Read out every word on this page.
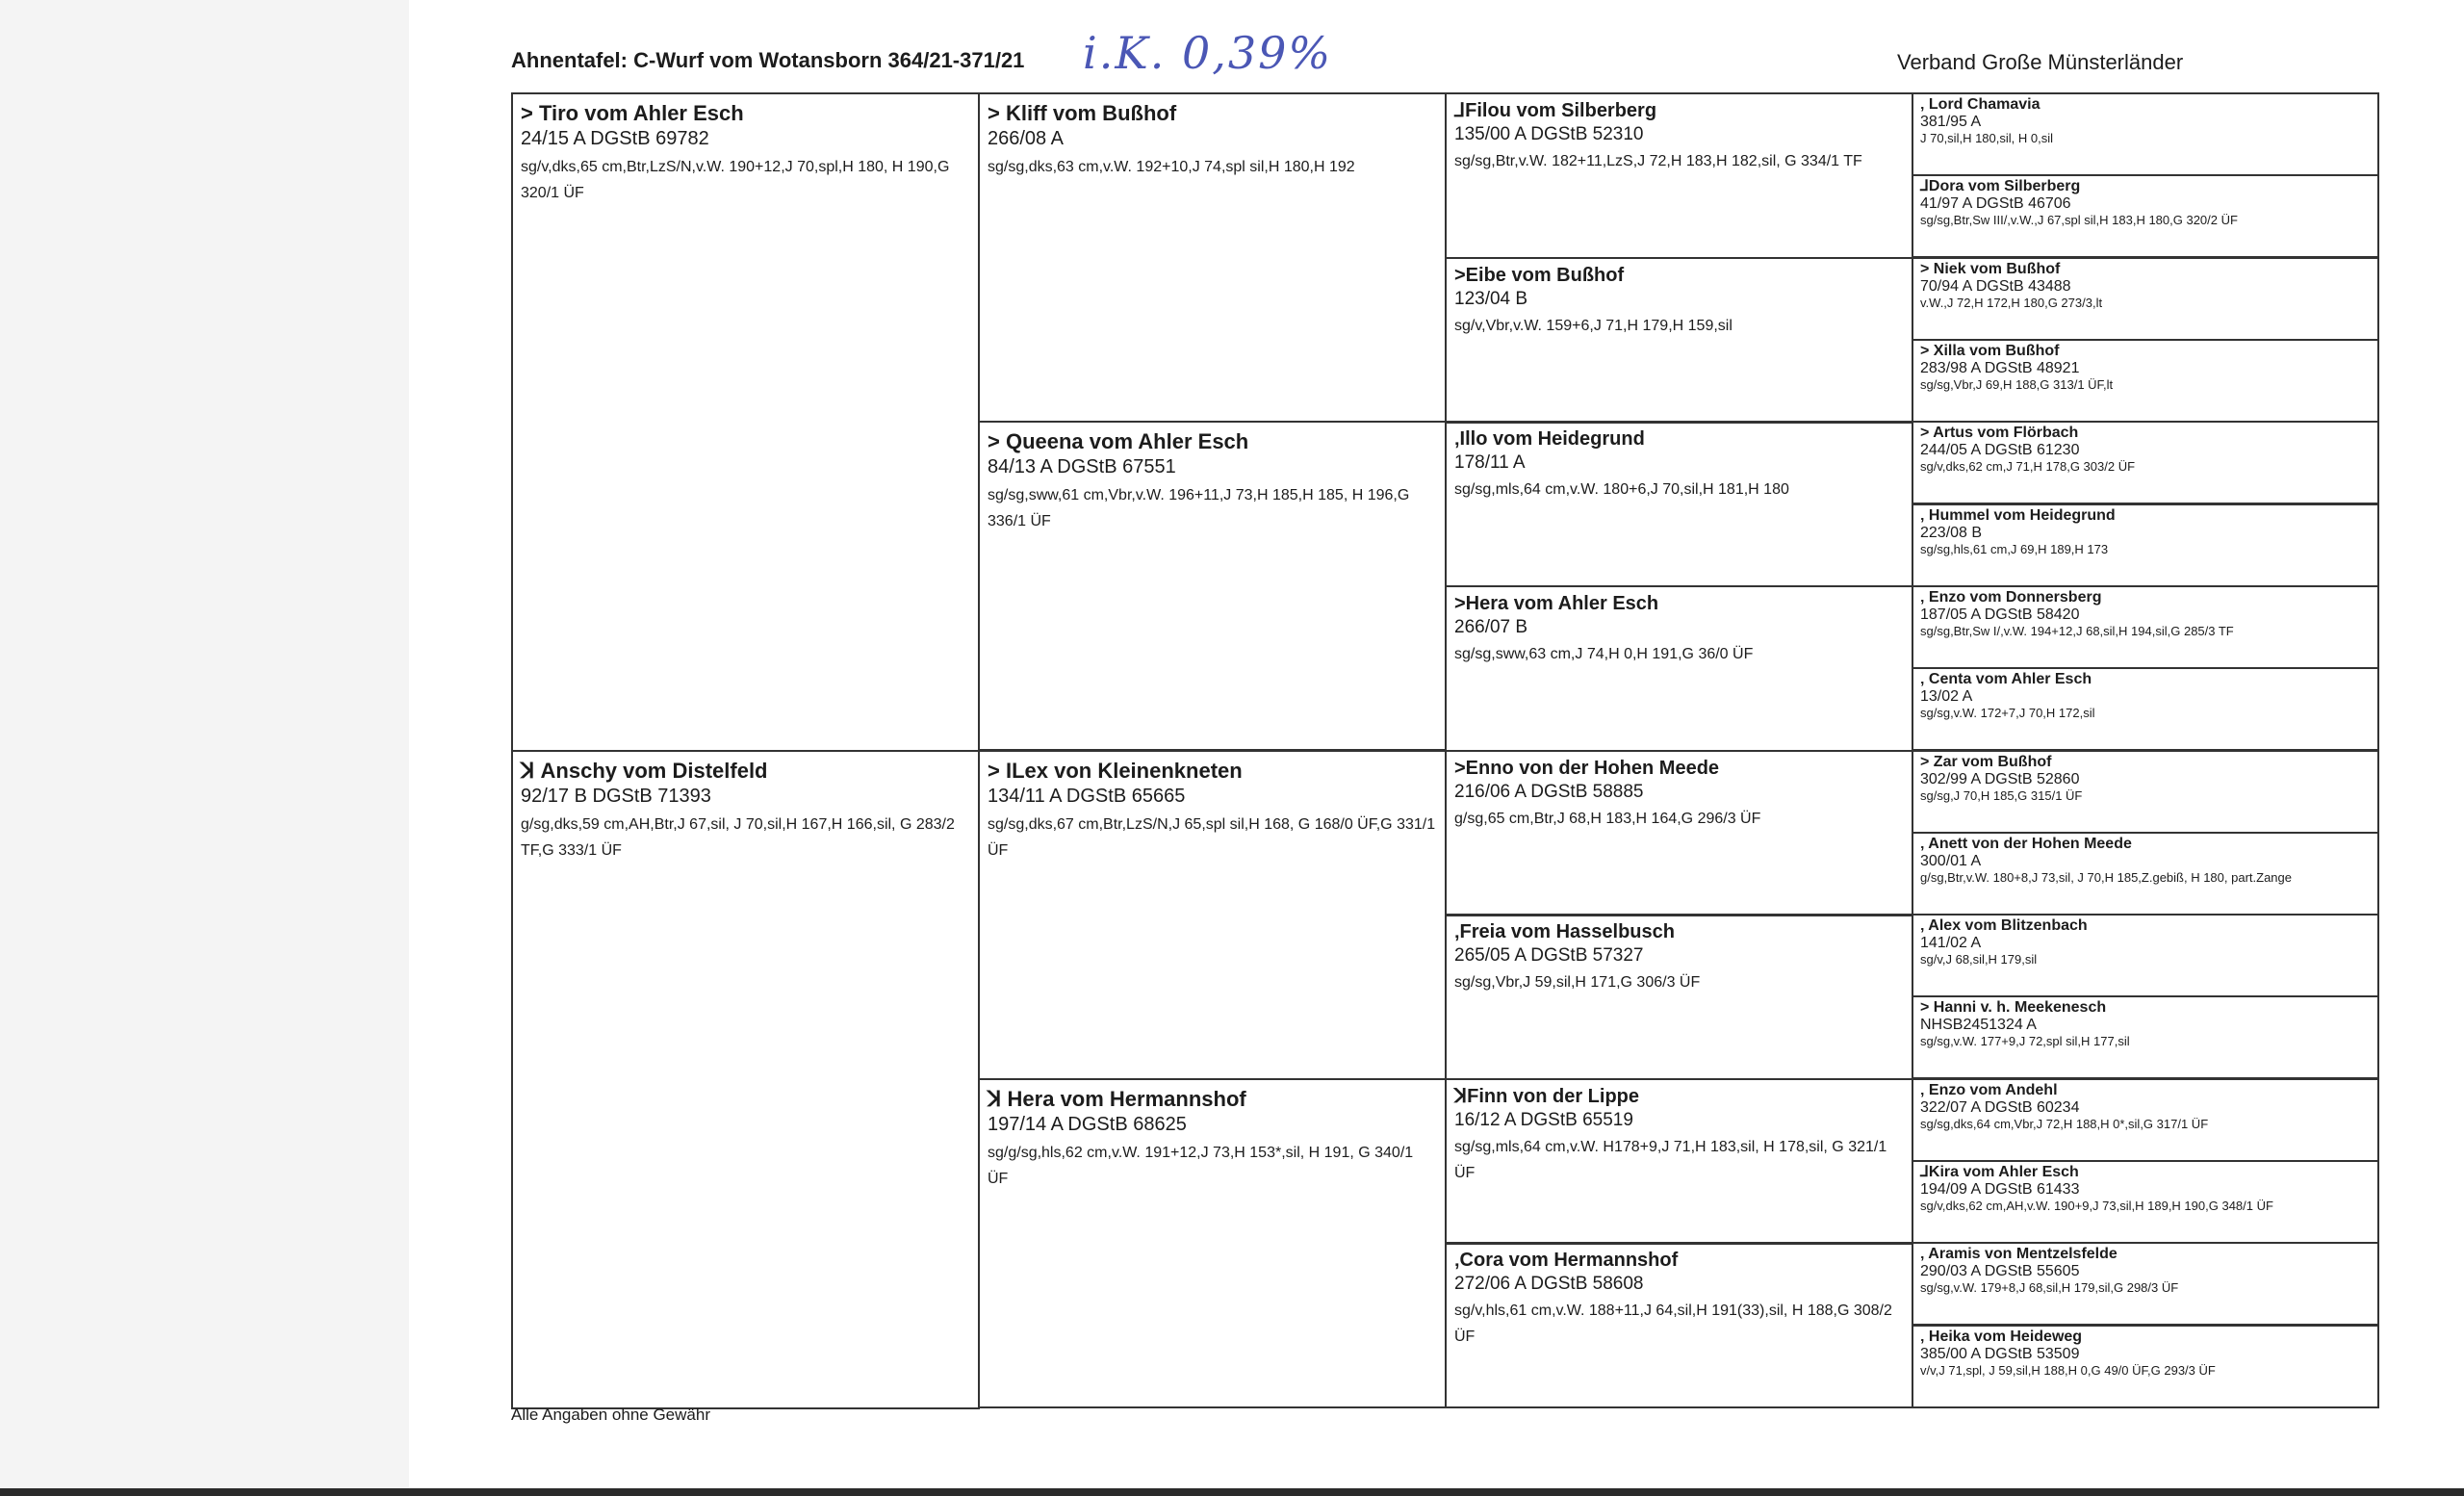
Ahnentafel: C-Wurf vom Wotansborn 364/21-371/21 i.K. 0,39%	Verband Große Münsterländer
> Tiro vom Ahler Esch
24/15 A DGStB 69782
sg/v,dks,65 cm,Btr,LzS/N,v.W. 190+12,J 70,spl,H 180, H 190,G 320/1 ÜF
ꓘ Anschy vom Distelfeld
92/17 B DGStB 71393
g/sg,dks,59 cm,AH,Btr,J 67,sil, J 70,sil,H 167,H 166,sil, G 283/2 TF,G 333/1 ÜF
> Kliff vom Bußhof
266/08 A
sg/sg,dks,63 cm,v.W. 192+10,J 74,spl sil,H 180,H 192
> Queena vom Ahler Esch
84/13 A DGStB 67551
sg/sg,sww,61 cm,Vbr,v.W. 196+11,J 73,H 185,H 185, H 196,G 336/1 ÜF
> ILex von Kleinenkneten
134/11 A DGStB 65665
sg/sg,dks,67 cm,Btr,LzS/N,J 65,spl sil,H 168, G 168/0 ÜF,G 331/1 ÜF
ꓘ Hera vom Hermannshof
197/14 A DGStB 68625
sg/g/sg,hls,62 cm,v.W. 191+12,J 73,H 153*,sil, H 191, G 340/1 ÜF
⅃Filou vom Silberberg
135/00 A DGStB 52310
sg/sg,Btr,v.W. 182+11,LzS,J 72,H 183,H 182,sil, G 334/1 TF
>Eibe vom Bußhof
123/04 B
sg/v,Vbr,v.W. 159+6,J 71,H 179,H 159,sil
‚Illo vom Heidegrund
178/11 A
sg/sg,mls,64 cm,v.W. 180+6,J 70,sil,H 181,H 180
>Hera vom Ahler Esch
266/07 B
sg/sg,sww,63 cm,J 74,H 0,H 191,G 36/0 ÜF
>Enno von der Hohen Meede
216/06 A DGStB 58885
g/sg,65 cm,Btr,J 68,H 183,H 164,G 296/3 ÜF
‚Freia vom Hasselbusch
265/05 A DGStB 57327
sg/sg,Vbr,J 59,sil,H 171,G 306/3 ÜF
ꓘFinn von der Lippe
16/12 A DGStB 65519
sg/sg,mls,64 cm,v.W. H178+9,J 71,H 183,sil, H 178,sil, G 321/1 ÜF
‚Cora vom Hermannshof
272/06 A DGStB 58608
sg/v,hls,61 cm,v.W. 188+11,J 64,sil,H 191(33),sil, H 188,G 308/2 ÜF
‚ Lord Chamavia
381/95 A
J 70,sil,H 180,sil, H 0,sil
⅃Dora vom Silberberg
41/97 A DGStB 46706
sg/sg,Btr,Sw III/,v.W.,J 67,spl sil,H 183,H 180,G 320/2 ÜF
> Niek vom Bußhof
70/94 A DGStB 43488
v.W.,J 72,H 172,H 180,G 273/3,lt
> Xilla vom Bußhof
283/98 A DGStB 48921
sg/sg,Vbr,J 69,H 188,G 313/1 ÜF,lt
> Artus vom Flörbach
244/05 A DGStB 61230
sg/v,dks,62 cm,J 71,H 178,G 303/2 ÜF
‚ Hummel vom Heidegrund
223/08 B
sg/sg,hls,61 cm,J 69,H 189,H 173
‚ Enzo vom Donnersberg
187/05 A DGStB 58420
sg/sg,Btr,Sw I/,v.W. 194+12,J 68,sil,H 194,sil,G 285/3 TF
‚ Centa vom Ahler Esch
13/02 A
sg/sg,v.W. 172+7,J 70,H 172,sil
> Zar vom Bußhof
302/99 A DGStB 52860
sg/sg,J 70,H 185,G 315/1 ÜF
‚ Anett von der Hohen Meede
300/01 A
g/sg,Btr,v.W. 180+8,J 73,sil, J 70,H 185,Z.gebiß, H 180, part.Zange
‚ Alex vom Blitzenbach
141/02 A
sg/v,J 68,sil,H 179,sil
> Hanni v. h. Meekenesch
NHSB2451324 A
sg/sg,v.W. 177+9,J 72,spl sil,H 177,sil
‚ Enzo vom Andehl
322/07 A DGStB 60234
sg/sg,dks,64 cm,Vbr,J 72,H 188,H 0*,sil,G 317/1 ÜF
⅃Kira vom Ahler Esch
194/09 A DGStB 61433
sg/v,dks,62 cm,AH,v.W. 190+9,J 73,sil,H 189,H 190,G 348/1 ÜF
‚ Aramis von Mentzelsfelde
290/03 A DGStB 55605
sg/sg,v.W. 179+8,J 68,sil,H 179,sil,G 298/3 ÜF
‚ Heika vom Heideweg
385/00 A DGStB 53509
v/v,J 71,spl, J 59,sil,H 188,H 0,G 49/0 ÜF,G 293/3 ÜF
Alle Angaben ohne Gewähr
